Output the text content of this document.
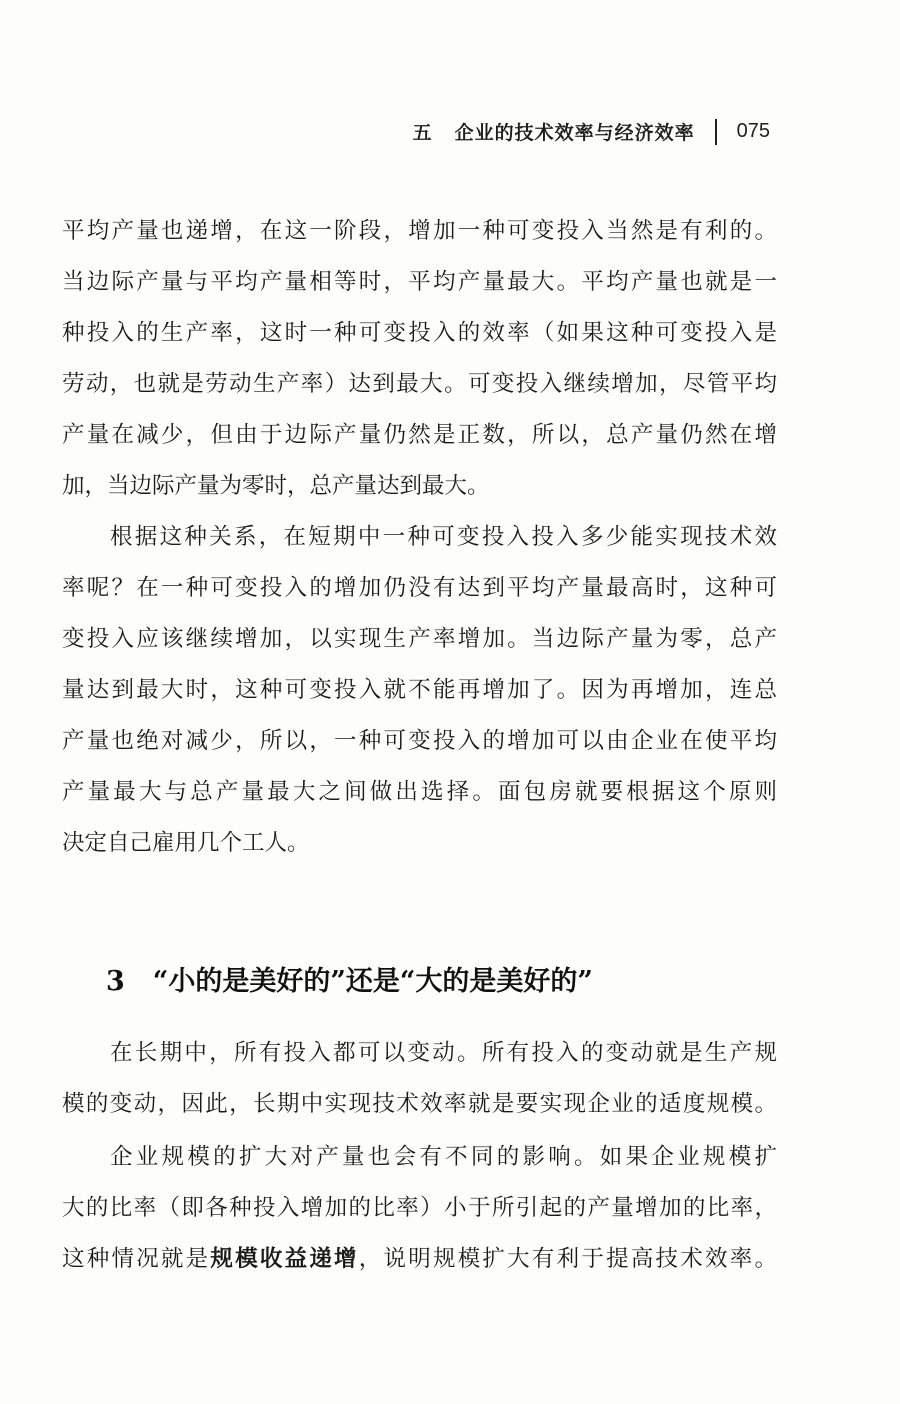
五 企业的技术效率与经济效率 075
平均产量也递增，在这一阶段，增加一种可变投入当然是有利的。
当边际产量与平均产量相等时，平均产量最大。平均产量也就是一
种投入的生产率，这时一种可变投入的效率（如果这种可变投入是
劳动，也就是劳动生产率）达到最大。可变投入继续增加，尽管平均
产量在减少，但由于边际产量仍然是正数，所以，总产量仍然在增
加，当边际产量为零时，总产量达到最大。
根据这种关系，在短期中一种可变投入投入多少能实现技术效
率呢？在一种可变投入的增加仍没有达到平均产量最高时，这种可
变投入应该继续增加，以实现生产率增加。当边际产量为零，总产
量达到最大时，这种可变投入就不能再增加了。因为再增加，连总
产量也绝对减少，所以，一种可变投入的增加可以由企业在使平均
产量最大与总产量最大之间做出选择。面包房就要根据这个原则
决定自己雇用几个工人。
3 “小的是美好的”还是“大的是美好的”
在长期中，所有投入都可以变动。所有投入的变动就是生产规
模的变动，因此，长期中实现技术效率就是要实现企业的适度规模。
企业规模的扩大对产量也会有不同的影响。如果企业规模扩
大的比率（即各种投入增加的比率）小于所引起的产量增加的比率，
这种情况就是规模收益递增，说明规模扩大有利于提高技术效率。
